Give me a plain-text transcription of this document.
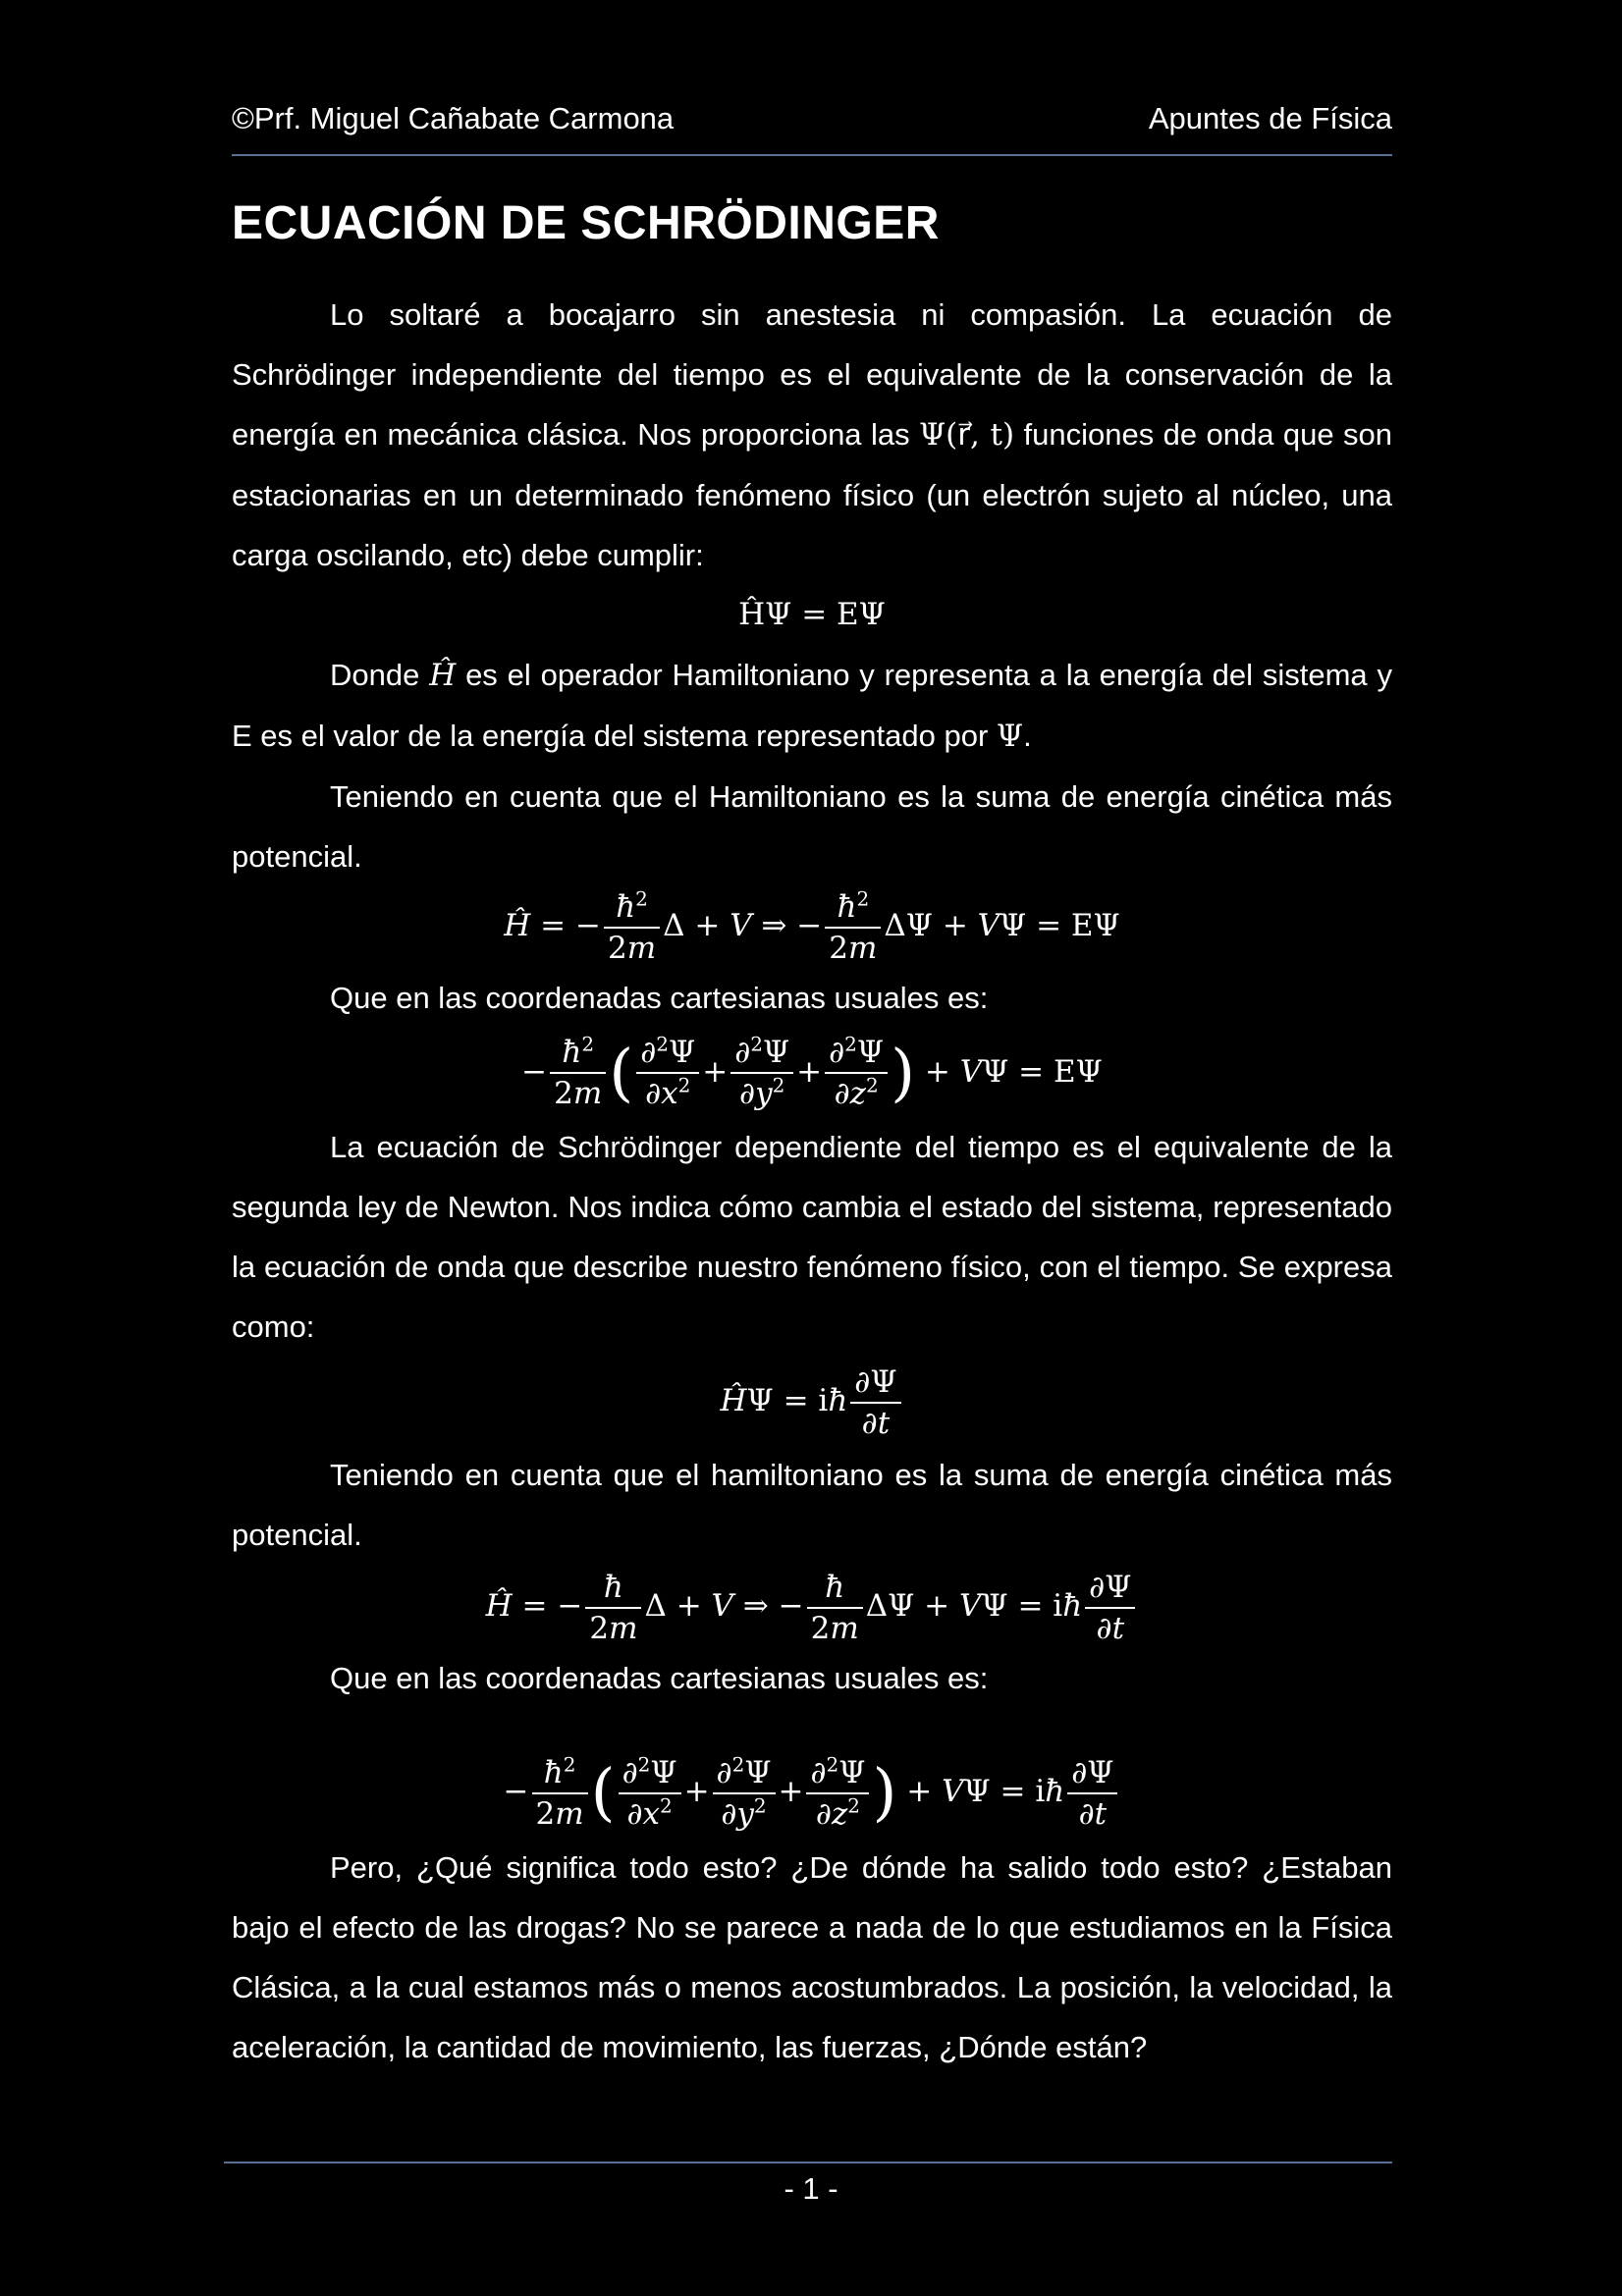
©Prf. Miguel Cañabate Carmona	Apuntes de Física
ECUACIÓN DE SCHRÖDINGER

Lo soltaré a bocajarro sin anestesia ni compasión. La ecuación de Schrödinger independiente del tiempo es el equivalente de la conservación de la energía en mecánica clásica. Nos proporciona las Ψ(r⃗, t) funciones de onda que son estacionarias en un determinado fenómeno físico (un electrón sujeto al núcleo, una carga oscilando, etc) debe cumplir:

ĤΨ = EΨ

Donde Ĥ es el operador Hamiltoniano y representa a la energía del sistema y E es el valor de la energía del sistema representado por Ψ.

Teniendo en cuenta que el Hamiltoniano es la suma de energía cinética más potencial.

Ĥ = − $\frac{ħ^2}{2m}$ Δ + V ⇒ − $\frac{ħ^2}{2m}$ ΔΨ + VΨ = EΨ

Que en las coordenadas cartesianas usuales es:

− $\frac{ħ^2}{2m}$ ( $\frac{\partial^2\Psi}{\partial x^2} + \frac{\partial^2\Psi}{\partial y^2} + \frac{\partial^2\Psi}{\partial z^2}$ ) + VΨ = EΨ

La ecuación de Schrödinger dependiente del tiempo es el equivalente de la segunda ley de Newton. Nos indica cómo cambia el estado del sistema, representado la ecuación de onda que describe nuestro fenómeno físico, con el tiempo. Se expresa como:

ĤΨ = iħ $\frac{\partial\Psi}{\partial t}$

Teniendo en cuenta que el hamiltoniano es la suma de energía cinética más potencial.

Ĥ = − $\frac{ħ}{2m}$ Δ + V ⇒ − $\frac{ħ}{2m}$ ΔΨ + VΨ = iħ $\frac{\partial\Psi}{\partial t}$

Que en las coordenadas cartesianas usuales es:

− $\frac{ħ^2}{2m}$ ( $\frac{\partial^2\Psi}{\partial x^2} + \frac{\partial^2\Psi}{\partial y^2} + \frac{\partial^2\Psi}{\partial z^2}$ ) + VΨ = iħ $\frac{\partial\Psi}{\partial t}$

Pero, ¿Qué significa todo esto? ¿De dónde ha salido todo esto? ¿Estaban bajo el efecto de las drogas? No se parece a nada de lo que estudiamos en la Física Clásica, a la cual estamos más o menos acostumbrados. La posición, la velocidad, la aceleración, la cantidad de movimiento, las fuerzas, ¿Dónde están?

- 1 -
